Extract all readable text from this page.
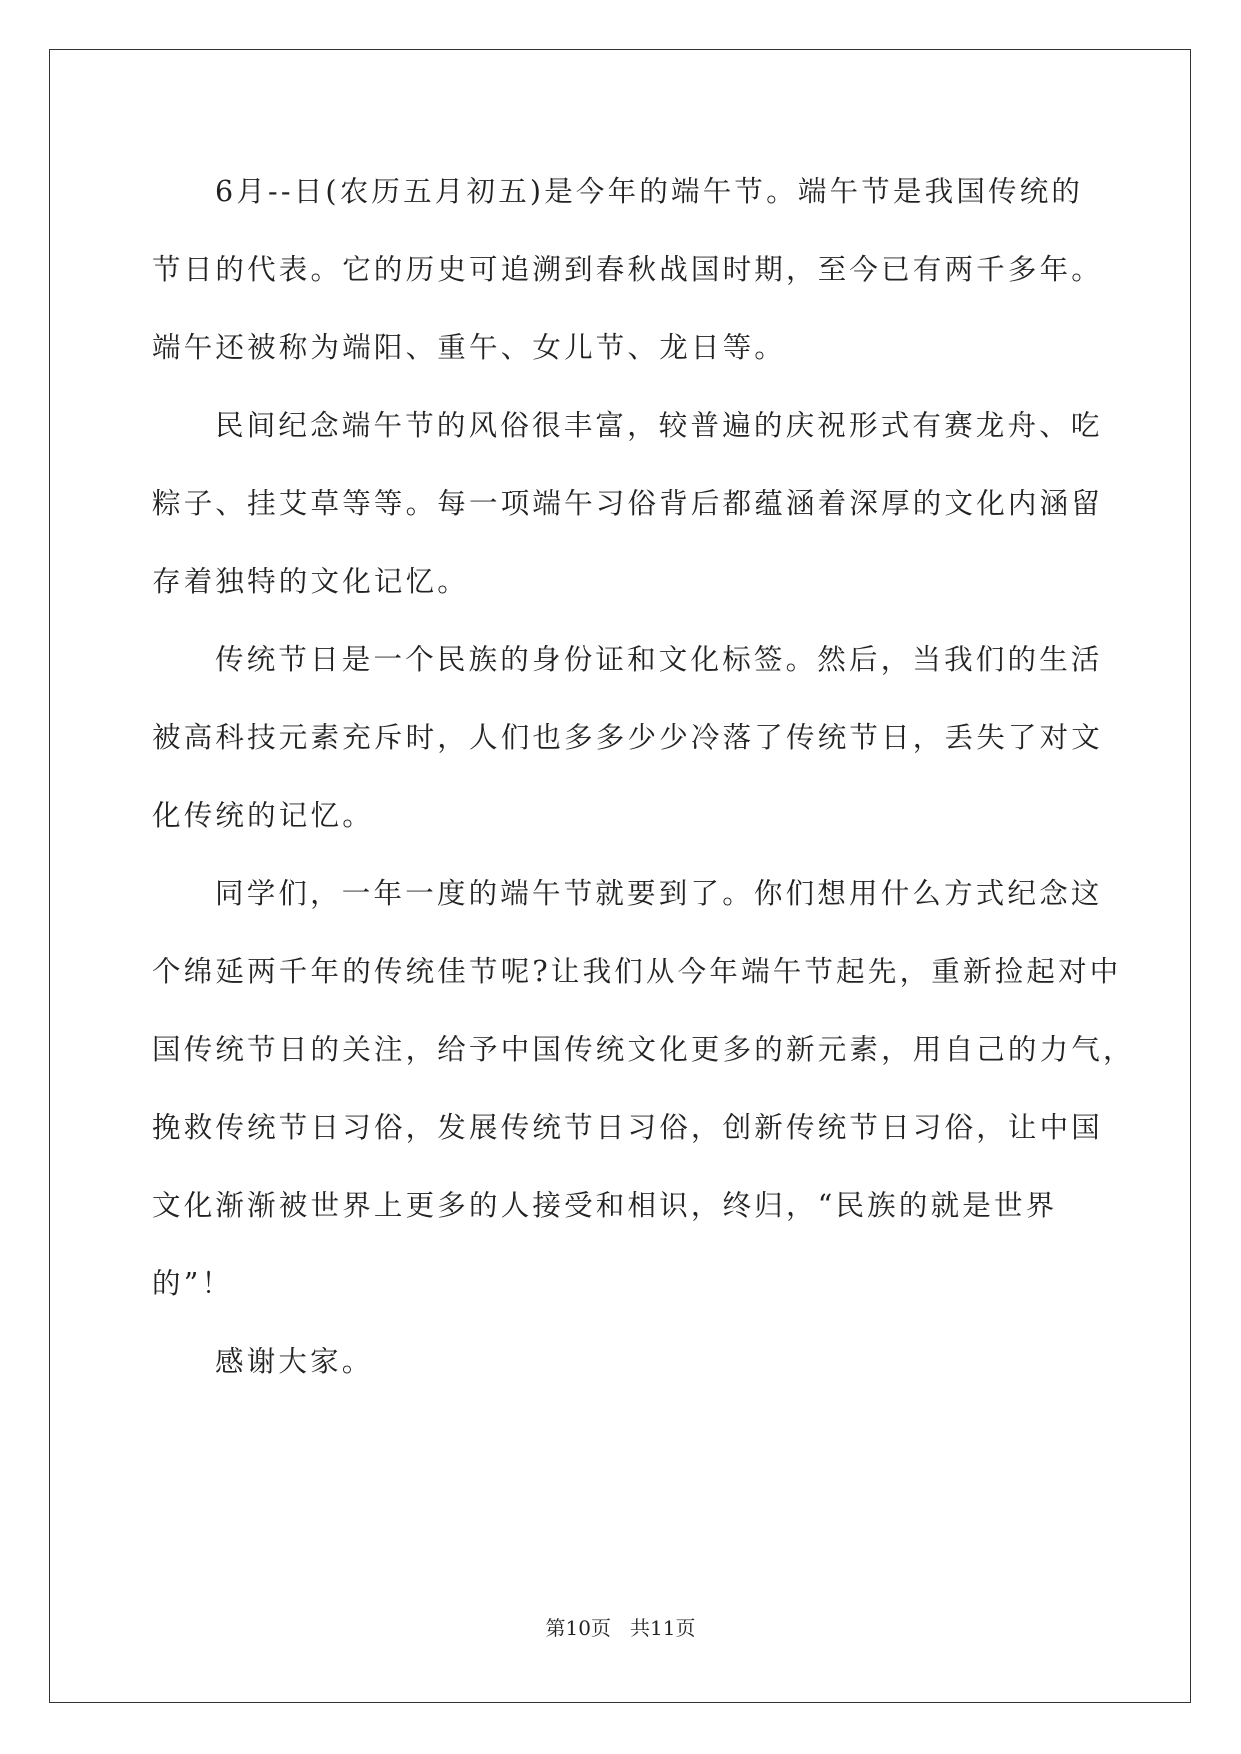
6月--日(农历五月初五)是今年的端午节。端午节是我国传统的
节日的代表。它的历史可追溯到春秋战国时期，至今已有两千多年。
端午还被称为端阳、重午、女儿节、龙日等。
民间纪念端午节的风俗很丰富，较普遍的庆祝形式有赛龙舟、吃
粽子、挂艾草等等。每一项端午习俗背后都蕴涵着深厚的文化内涵留
存着独特的文化记忆。
传统节日是一个民族的身份证和文化标签。然后，当我们的生活
被高科技元素充斥时，人们也多多少少冷落了传统节日，丢失了对文
化传统的记忆。
同学们，一年一度的端午节就要到了。你们想用什么方式纪念这
个绵延两千年的传统佳节呢?让我们从今年端午节起先，重新捡起对中
国传统节日的关注，给予中国传统文化更多的新元素，用自己的力气，
挽救传统节日习俗，发展传统节日习俗，创新传统节日习俗，让中国
文化渐渐被世界上更多的人接受和相识，终归，“民族的就是世界
的”！
感谢大家。
第10页 共11页
